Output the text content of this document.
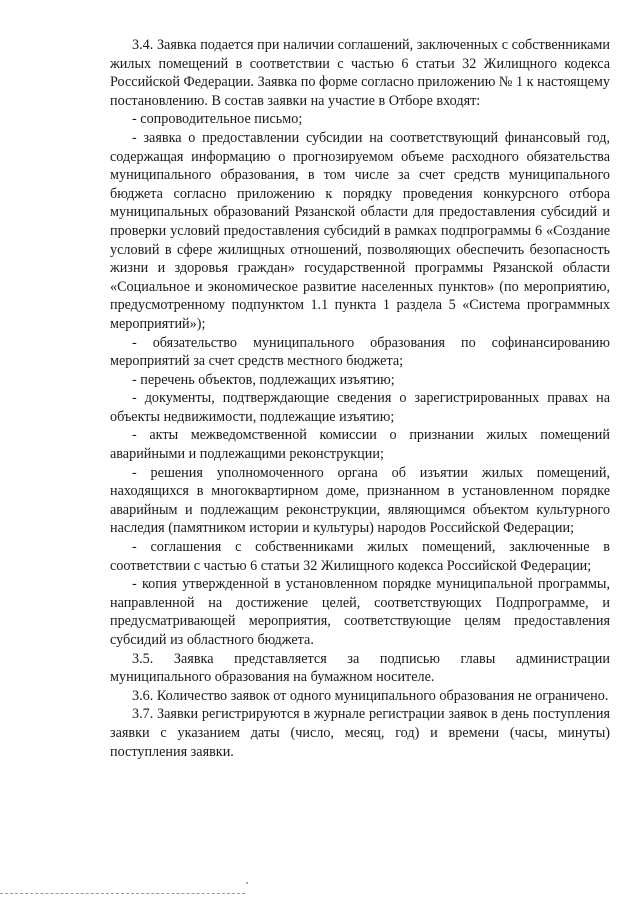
3.4. Заявка подается при наличии соглашений, заключенных с собственниками жилых помещений в соответствии с частью 6 статьи 32 Жилищного кодекса Российской Федерации. Заявка по форме согласно приложению № 1 к настоящему постановлению. В состав заявки на участие в Отборе входят:

- сопроводительное письмо;

- заявка о предоставлении субсидии на соответствующий финансовый год, содержащая информацию о прогнозируемом объеме расходного обязательства муниципального образования, в том числе за счет средств муниципального бюджета согласно приложению к порядку проведения конкурсного отбора муниципальных образований Рязанской области для предоставления субсидий и проверки условий предоставления субсидий в рамках подпрограммы 6 «Создание условий в сфере жилищных отношений, позволяющих обеспечить безопасность жизни и здоровья граждан» государственной программы Рязанской области «Социальное и экономическое развитие населенных пунктов» (по мероприятию, предусмотренному подпунктом 1.1 пункта 1 раздела 5 «Система программных мероприятий»);

- обязательство муниципального образования по софинансированию мероприятий за счет средств местного бюджета;

- перечень объектов, подлежащих изъятию;

- документы, подтверждающие сведения о зарегистрированных правах на объекты недвижимости, подлежащие изъятию;

- акты межведомственной комиссии о признании жилых помещений аварийными и подлежащими реконструкции;

- решения уполномоченного органа об изъятии жилых помещений, находящихся в многоквартирном доме, признанном в установленном порядке аварийным и подлежащим реконструкции, являющимся объектом культурного наследия (памятником истории и культуры) народов Российской Федерации;

- соглашения с собственниками жилых помещений, заключенные в соответствии с частью 6 статьи 32 Жилищного кодекса Российской Федерации;

- копия утвержденной в установленном порядке муниципальной программы, направленной на достижение целей, соответствующих Подпрограмме, и предусматривающей мероприятия, соответствующие целям предоставления субсидий из областного бюджета.

3.5. Заявка представляется за подписью главы администрации муниципального образования на бумажном носителе.

3.6. Количество заявок от одного муниципального образования не ограничено.

3.7. Заявки регистрируются в журнале регистрации заявок в день поступления заявки с указанием даты (число, месяц, год) и времени (часы, минуты) поступления заявки.
